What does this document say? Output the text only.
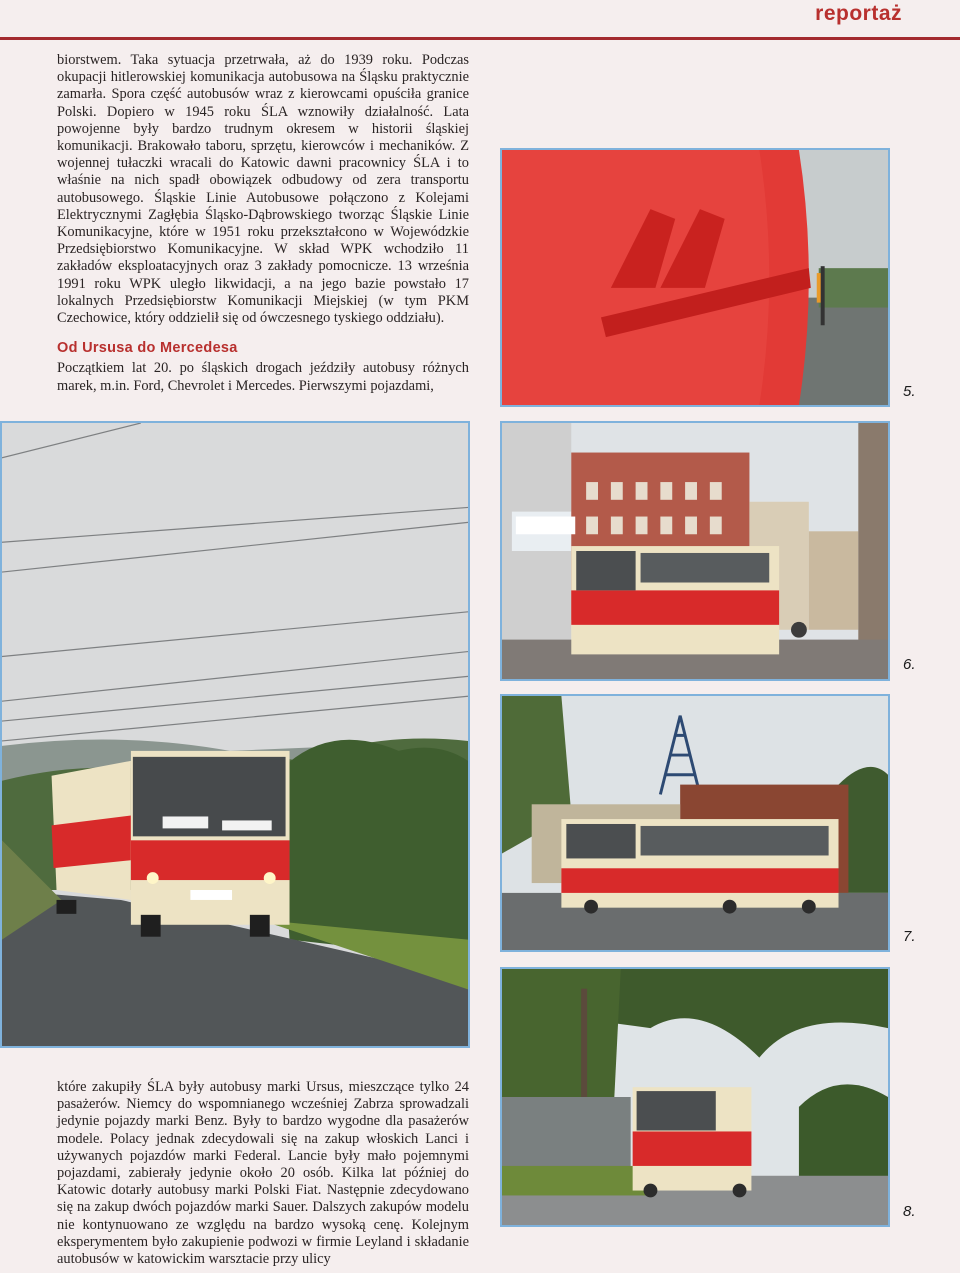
reportaż

biorstwem. Taka sytuacja przetrwała, aż do 1939 roku. Podczas okupacji hitlerowskiej komunikacja autobusowa na Śląsku praktycznie zamarła. Spora część autobusów wraz z kierowcami opuściła granice Polski. Dopiero w 1945 roku ŚLA wznowiły działalność. Lata powojenne były bardzo trudnym okresem w historii śląskiej komunikacji. Brakowało taboru, sprzętu, kierowców i mechaników. Z wojennej tułaczki wracali do Katowic dawni pracownicy ŚLA i to właśnie na nich spadł obowiązek odbudowy od zera transportu autobusowego. Śląskie Linie Autobusowe połączono z Kolejami Elektrycznymi Zagłębia Śląsko-Dąbrowskiego tworząc Śląskie Linie Komunikacyjne, które w 1951 roku przekształcono w Wojewódzkie Przedsiębiorstwo Komunikacyjne. W skład WPK wchodziło 11 zakładów eksploatacyjnych oraz 3 zakłady pomocnicze. 13 września 1991 roku WPK uległo likwidacji, a na jego bazie powstało 17 lokalnych Przedsiębiorstw Komunikacji Miejskiej (w tym PKM Czechowice, który oddzielił się od ówczesnego tyskiego oddziału).

Od Ursusa do Mercedesa

Początkiem lat 20. po śląskich drogach jeździły autobusy różnych marek, m.in. Ford, Chevrolet i Mercedes. Pierwszymi pojazdami,	5.
6.
7.

które zakupiły ŚLA były autobusy marki Ursus, mieszczące tylko 24 pasażerów. Niemcy do wspomnianego wcześniej Zabrza sprowadzali jedynie pojazdy marki Benz. Były to bardzo wygodne dla pasażerów modele. Polacy jednak zdecydowali się na zakup włoskich Lanci i używanych pojazdów marki Federal. Lancie były mało pojemnymi pojazdami, zabierały jedynie około 20 osób. Kilka lat później do Katowic dotarły autobusy marki Polski Fiat. Następnie zdecydowano się na zakup dwóch pojazdów marki Sauer. Dalszych zakupów modelu nie kontynuowano ze względu na bardzo wysoką cenę. Kolejnym eksperymentem było zakupienie podwozi w firmie Leyland i składanie autobusów w katowickim warsztacie przy ulicy

8.
